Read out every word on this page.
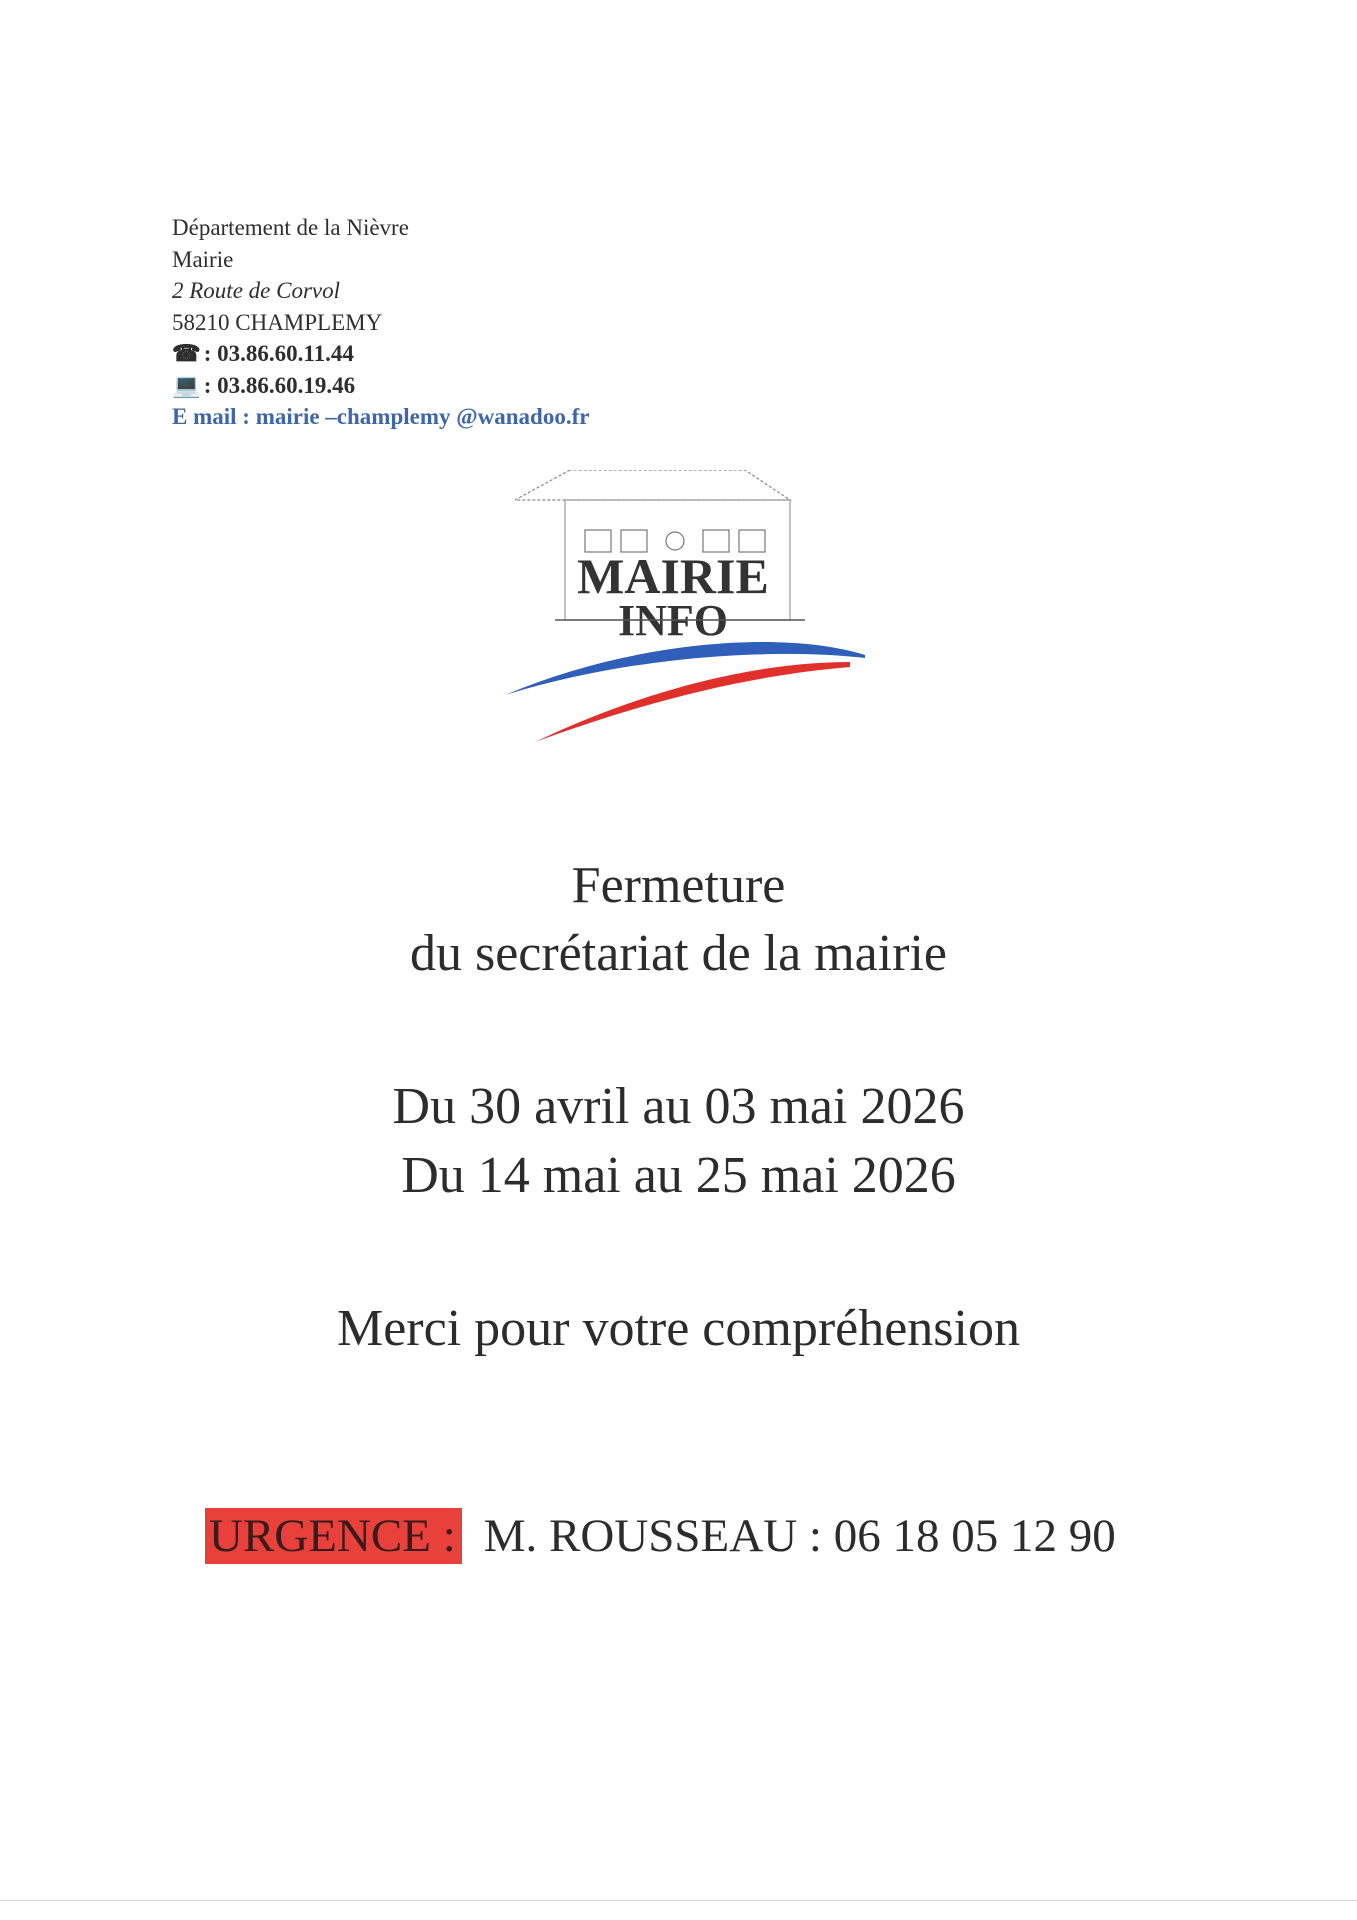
Département de la Nièvre
Mairie
2 Route de Corvol
58210 CHAMPLEMY
☎ : 03.86.60.11.44
💻 : 03.86.60.19.46
E mail : mairie –champlemy @wanadoo.fr
MAIRIE
INFO
Fermeture
du secrétariat de la mairie
Du 30 avril au 03 mai 2026
Du 14 mai au 25 mai 2026
Merci pour votre compréhension
URGENCE : M. ROUSSEAU : 06 18 05 12 90
